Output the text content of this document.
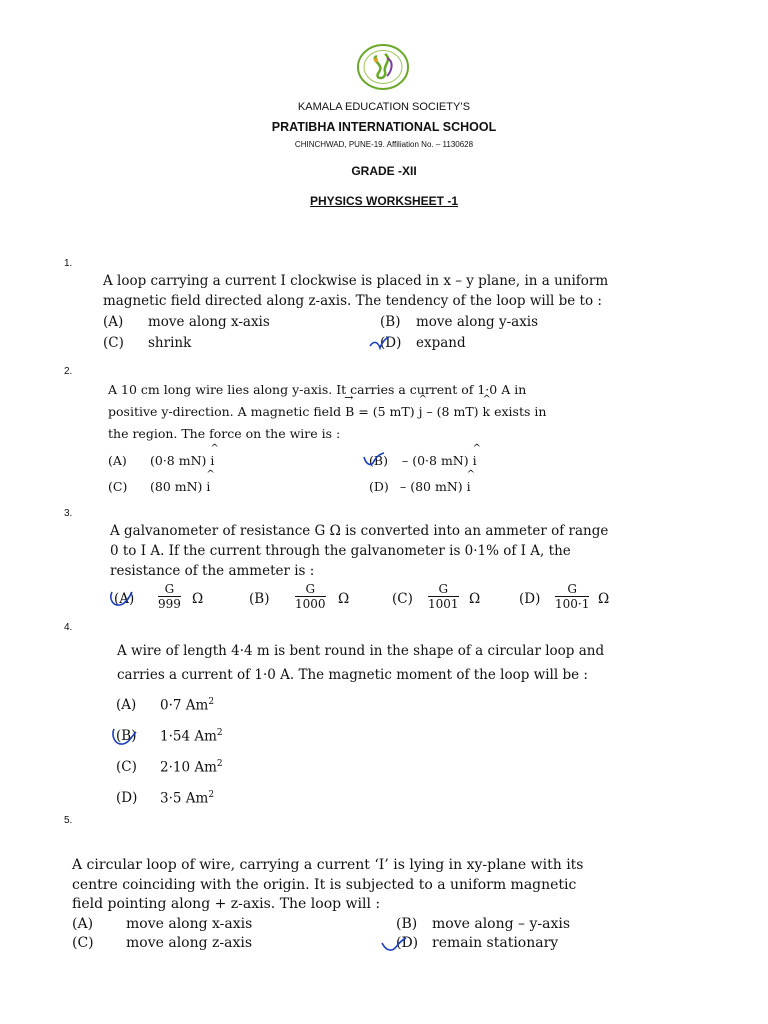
KAMALA EDUCATION SOCIETY’S
PRATIBHA INTERNATIONAL SCHOOL
CHINCHWAD, PUNE-19. Affiliation No. – 1130628
GRADE -XII
PHYSICS WORKSHEET -1
1.
A loop carrying a current I clockwise is placed in x – y plane, in a uniform
magnetic field directed along z-axis. The tendency of the loop will be to :
(A) move along x-axis	(B) move along y-axis
(C) shrink	(D) expand
2.
A 10 cm long wire lies along y-axis. It carries a current of 1·0 A in
positive y-direction. A magnetic field → B = (5 mT) ^ j – (8 mT) ^ k exists in
the region. The force on the wire is :
(A) (0·8 mN) ^ i	(B) – (0·8 mN) ^ i
(C) (80 mN) ^ i	(D) – (80 mN) ^ i
3.
A galvanometer of resistance G Ω is converted into an ammeter of range
0 to I A. If the current through the galvanometer is 0·1% of I A, the
resistance of the ammeter is :
(A)
G
999 Ω	(B)
G
1000 Ω	(C)
G
1001 Ω	(D)
G
100·1 Ω
4.
A wire of length 4·4 m is bent round in the shape of a circular loop and
carries a current of 1·0 A. The magnetic moment of the loop will be :
(A) 0·7 Am$^2$
(B) 1·54 Am$^2$
(C) 2·10 Am$^2$
(D) 3·5 Am$^2$
5.
A circular loop of wire, carrying a current ‘I’ is lying in xy-plane with its
centre coinciding with the origin. It is subjected to a uniform magnetic
field pointing along + z-axis. The loop will :
(A) move along x-axis	(B) move along – y-axis
(C) move along z-axis	(D) remain stationary
